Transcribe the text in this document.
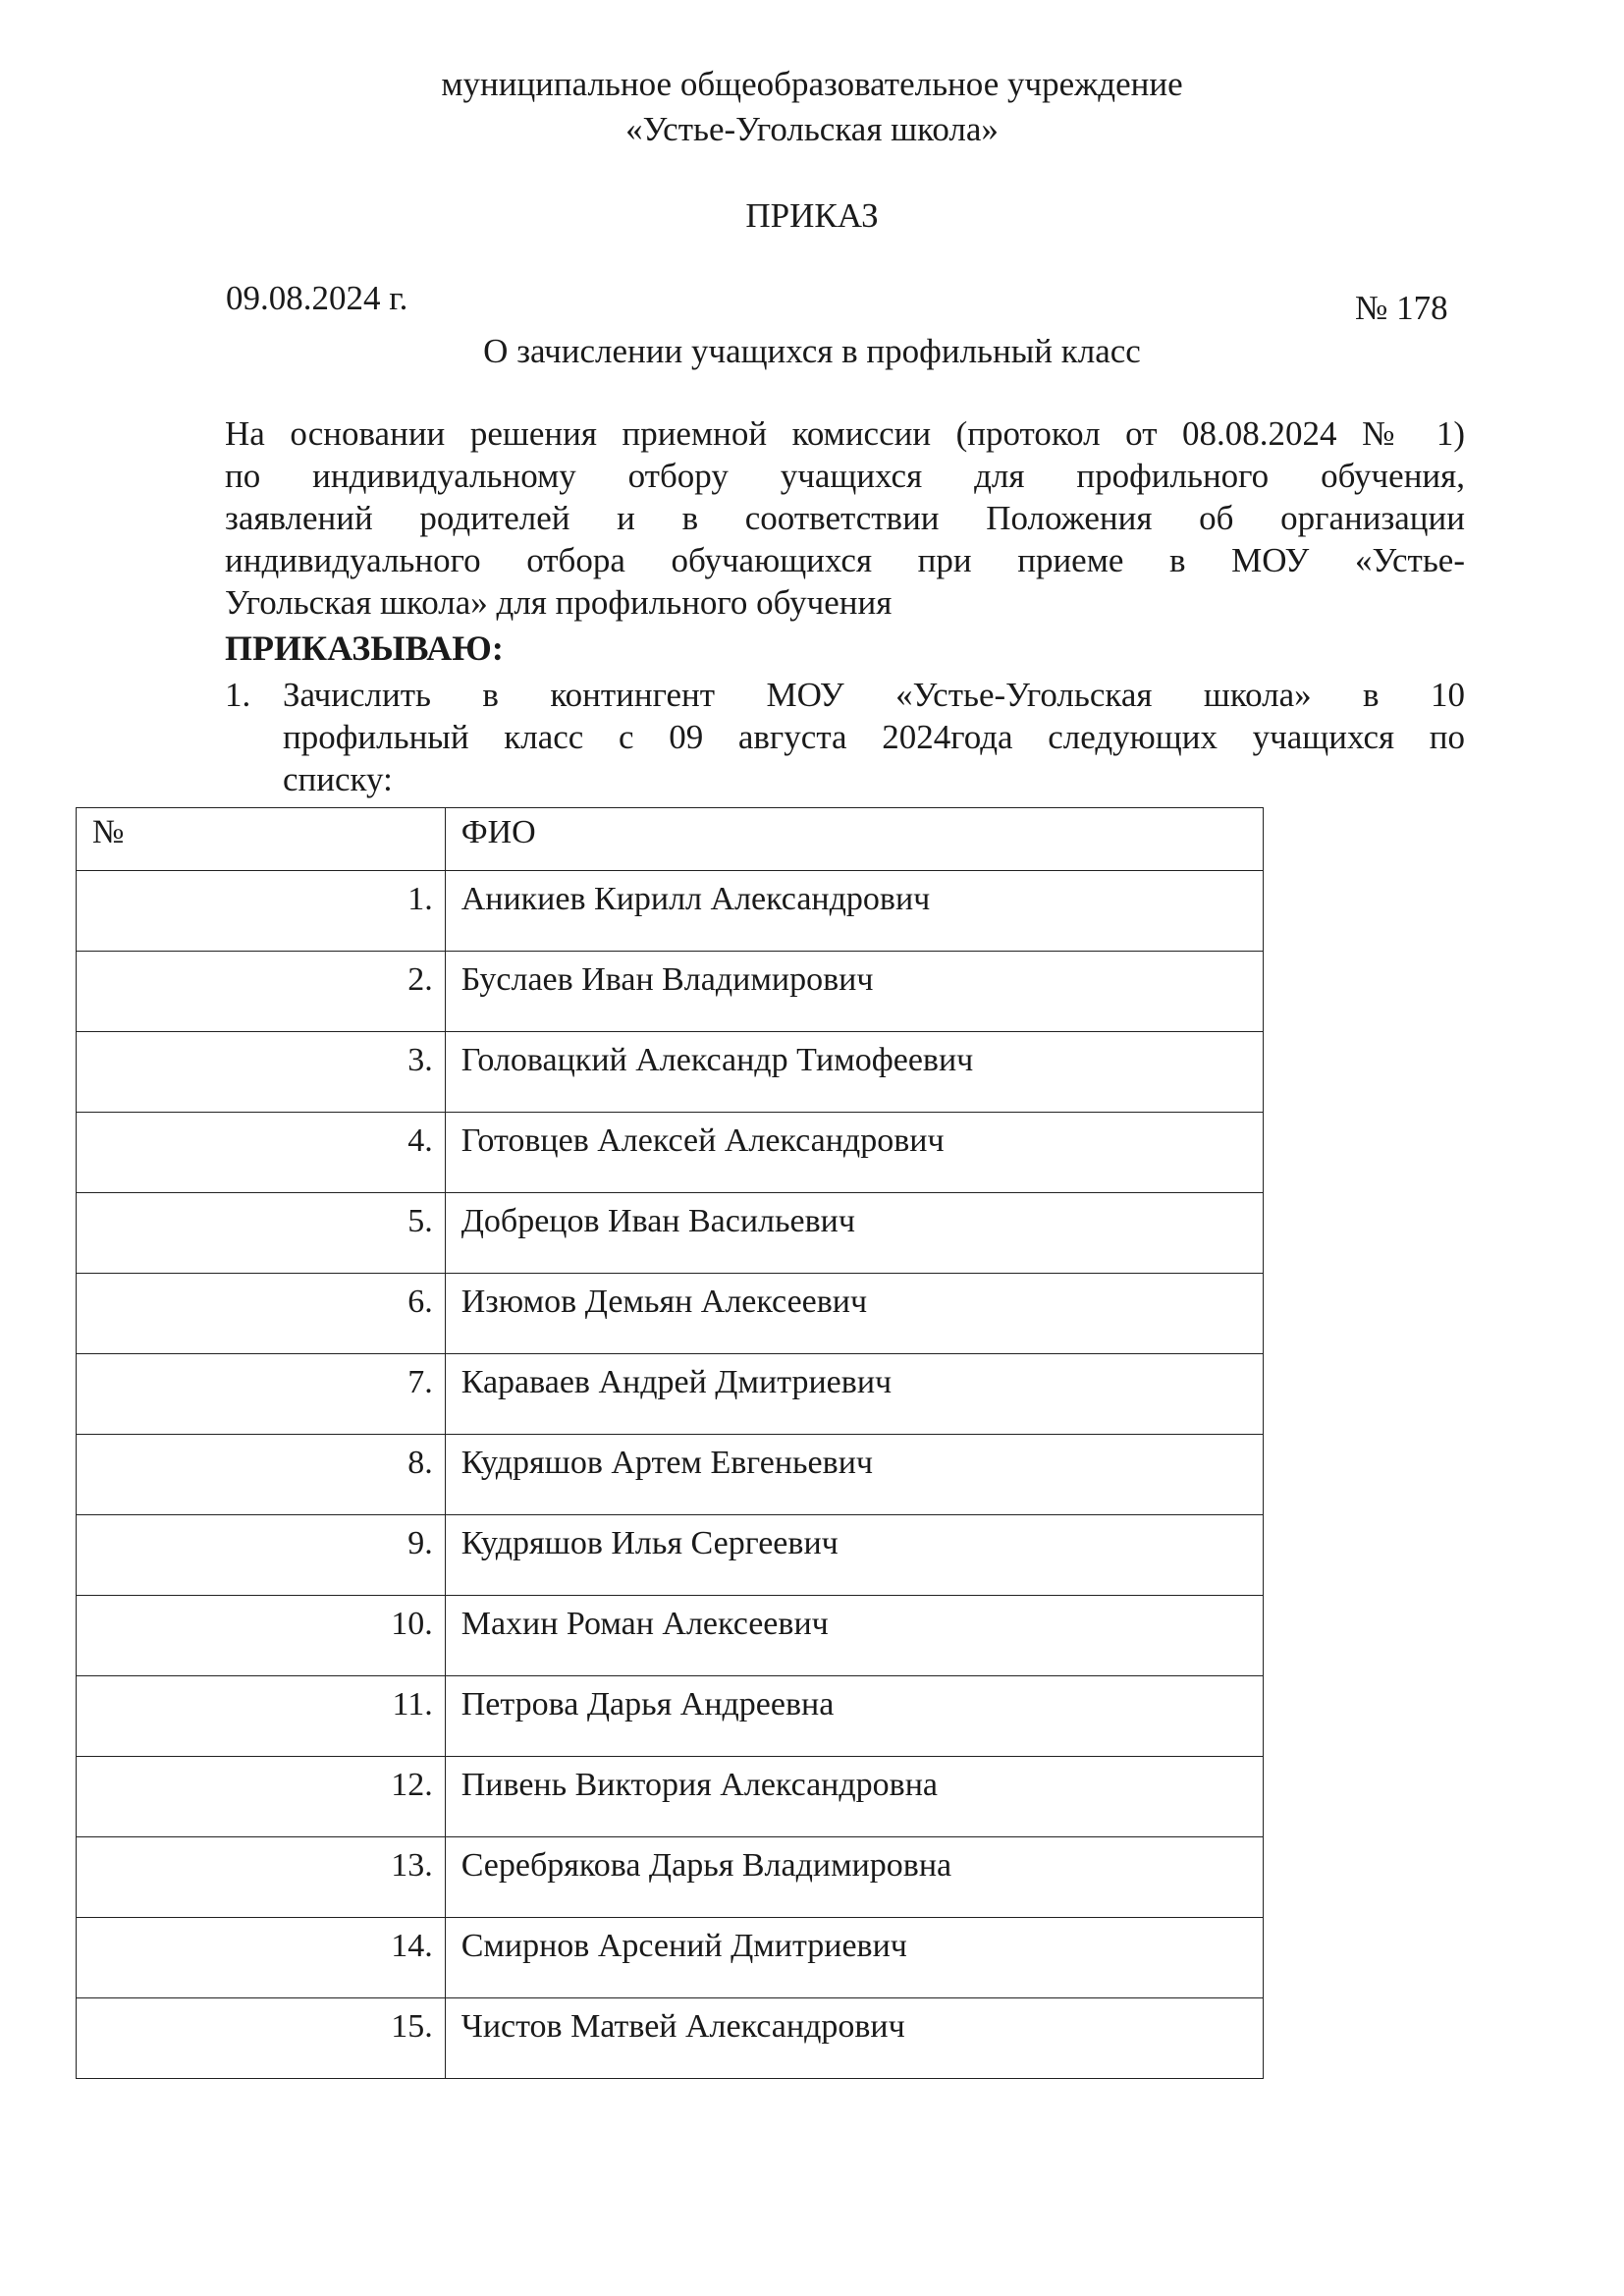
муниципальное общеобразовательное учреждение
«Устье-Угольская школа»
ПРИКАЗ
09.08.2024 г.	№ 178
О зачислении учащихся в профильный класс
На основании решения приемной комиссии (протокол от 08.08.2024 № 1)
по индивидуальному отбору учащихся для профильного обучения,
заявлений родителей и в соответствии Положения об организации
индивидуального отбора обучающихся при приеме в МОУ «Устье-
Угольская школа» для профильного обучения
ПРИКАЗЫВАЮ:
1. Зачислить в контингент МОУ «Устье-Угольская школа» в 10
профильный класс с 09 августа 2024года следующих учащихся по
списку:
№	ФИО
1.	Аникиев Кирилл Александрович
2.	Буслаев Иван Владимирович
3.	Головацкий Александр Тимофеевич
4.	Готовцев Алексей Александрович
5.	Добрецов Иван Васильевич
6.	Изюмов Демьян Алексеевич
7.	Караваев Андрей Дмитриевич
8.	Кудряшов Артем Евгеньевич
9.	Кудряшов Илья Сергеевич
10.	Махин Роман Алексеевич
11.	Петрова Дарья Андреевна
12.	Пивень Виктория Александровна
13.	Серебрякова Дарья Владимировна
14.	Смирнов Арсений Дмитриевич
15.	Чистов Матвей Александрович
